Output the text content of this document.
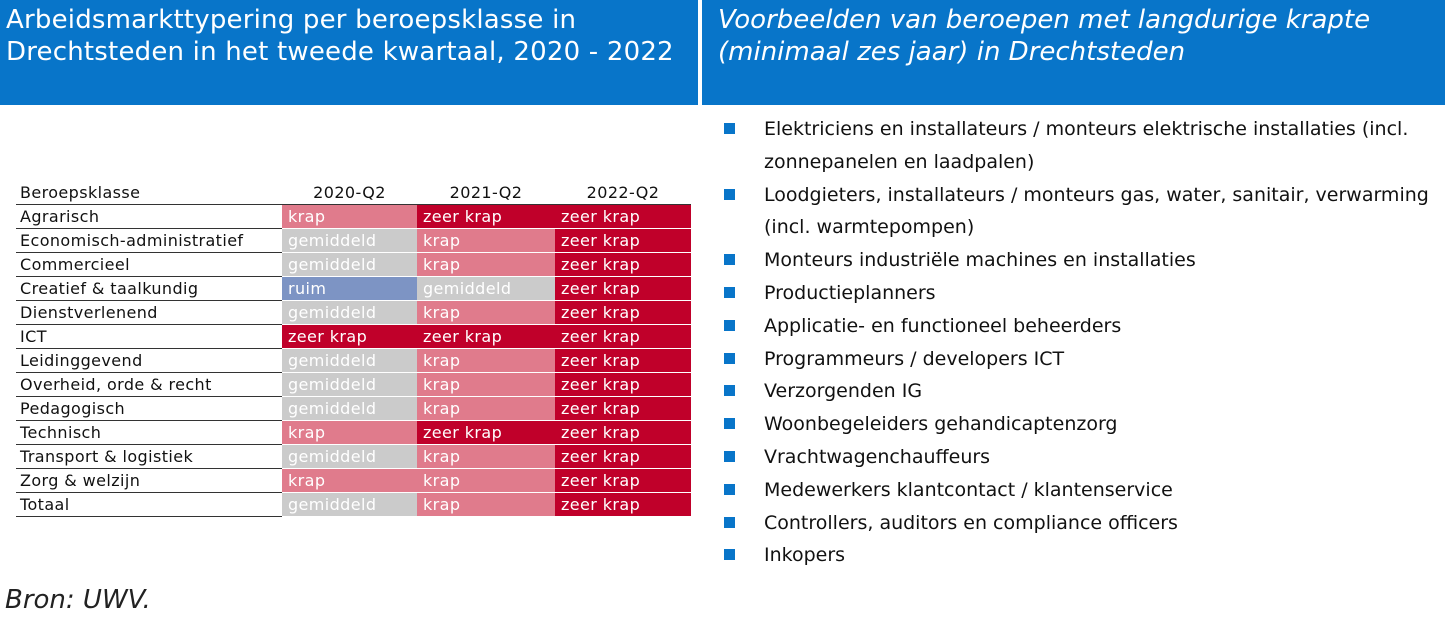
Arbeidsmarkttypering per beroepsklasse in Drechtsteden in het tweede kwartaal, 2020 - 2022
Voorbeelden van beroepen met langdurige krapte (minimaal zes jaar) in Drechtsteden
Beroepsklasse	2020-Q2	2021-Q2	2022-Q2
Agrarisch	krap	zeer krap	zeer krap
Economisch-administratief	gemiddeld	krap	zeer krap
Commercieel	gemiddeld	krap	zeer krap
Creatief & taalkundig	ruim	gemiddeld	zeer krap
Dienstverlenend	gemiddeld	krap	zeer krap
ICT	zeer krap	zeer krap	zeer krap
Leidinggevend	gemiddeld	krap	zeer krap
Overheid, orde & recht	gemiddeld	krap	zeer krap
Pedagogisch	gemiddeld	krap	zeer krap
Technisch	krap	zeer krap	zeer krap
Transport & logistiek	gemiddeld	krap	zeer krap
Zorg & welzijn	krap	krap	zeer krap
Totaal	gemiddeld	krap	zeer krap
Elektriciens en installateurs / monteurs elektrische installaties (incl. zonnepanelen en laadpalen)
Loodgieters, installateurs / monteurs gas, water, sanitair, verwarming (incl. warmtepompen)
Monteurs industriële machines en installaties
Productieplanners
Applicatie- en functioneel beheerders
Programmeurs / developers ICT
Verzorgenden IG
Woonbegeleiders gehandicaptenzorg
Vrachtwagenchauffeurs
Medewerkers klantcontact / klantenservice
Controllers, auditors en compliance officers
Inkopers
Bron: UWV.
